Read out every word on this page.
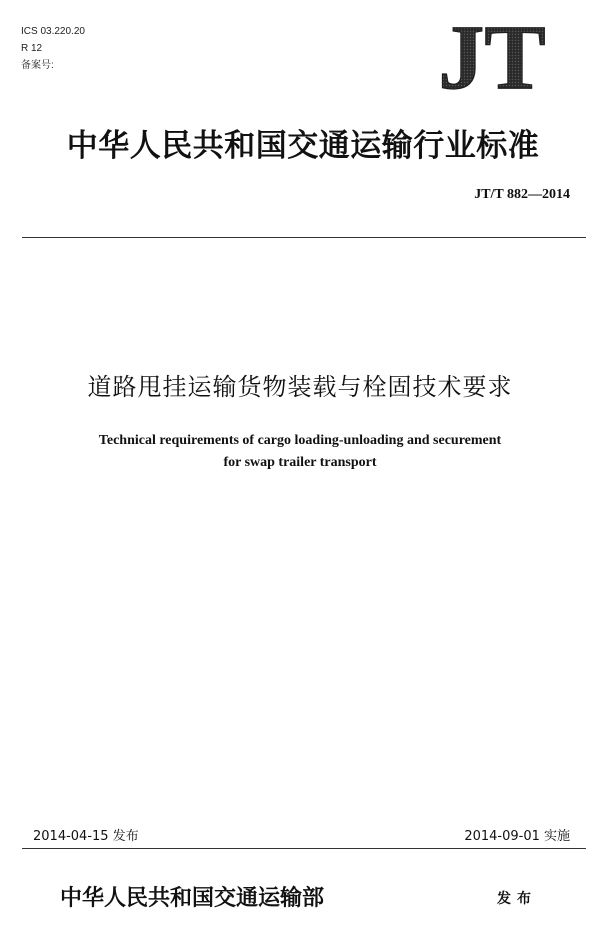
ICS 03.220.20
R 12
备案号:	JT
中华人民共和国交通运输行业标准
JT/T 882—2014
道路甩挂运输货物装载与栓固技术要求
Technical requirements of cargo loading-unloading and securement
for swap trailer transport
2014-04-15 发布	2014-09-01 实施
中华人民共和国交通运输部	发布
